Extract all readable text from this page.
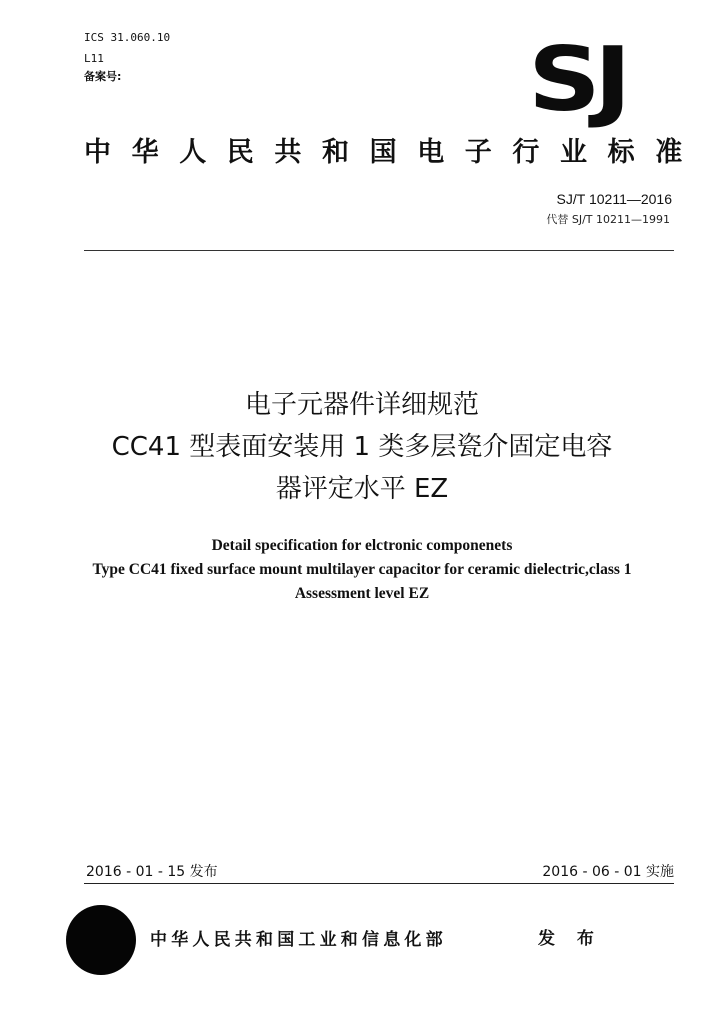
ICS 31.060.10
L11
备案号:	SJ
中华人民共和国电子行业标准
SJ/T 10211—2016
代替 SJ/T 10211—1991
电子元器件详细规范
CC41 型表面安装用 1 类多层瓷介固定电容
器评定水平 EZ
Detail specification for elctronic componenets
Type CC41 fixed surface mount multilayer capacitor for ceramic dielectric,class 1
Assessment level EZ
2016 - 01 - 15 发布	2016 - 06 - 01 实施
中华人民共和国工业和信息化部	发 布
